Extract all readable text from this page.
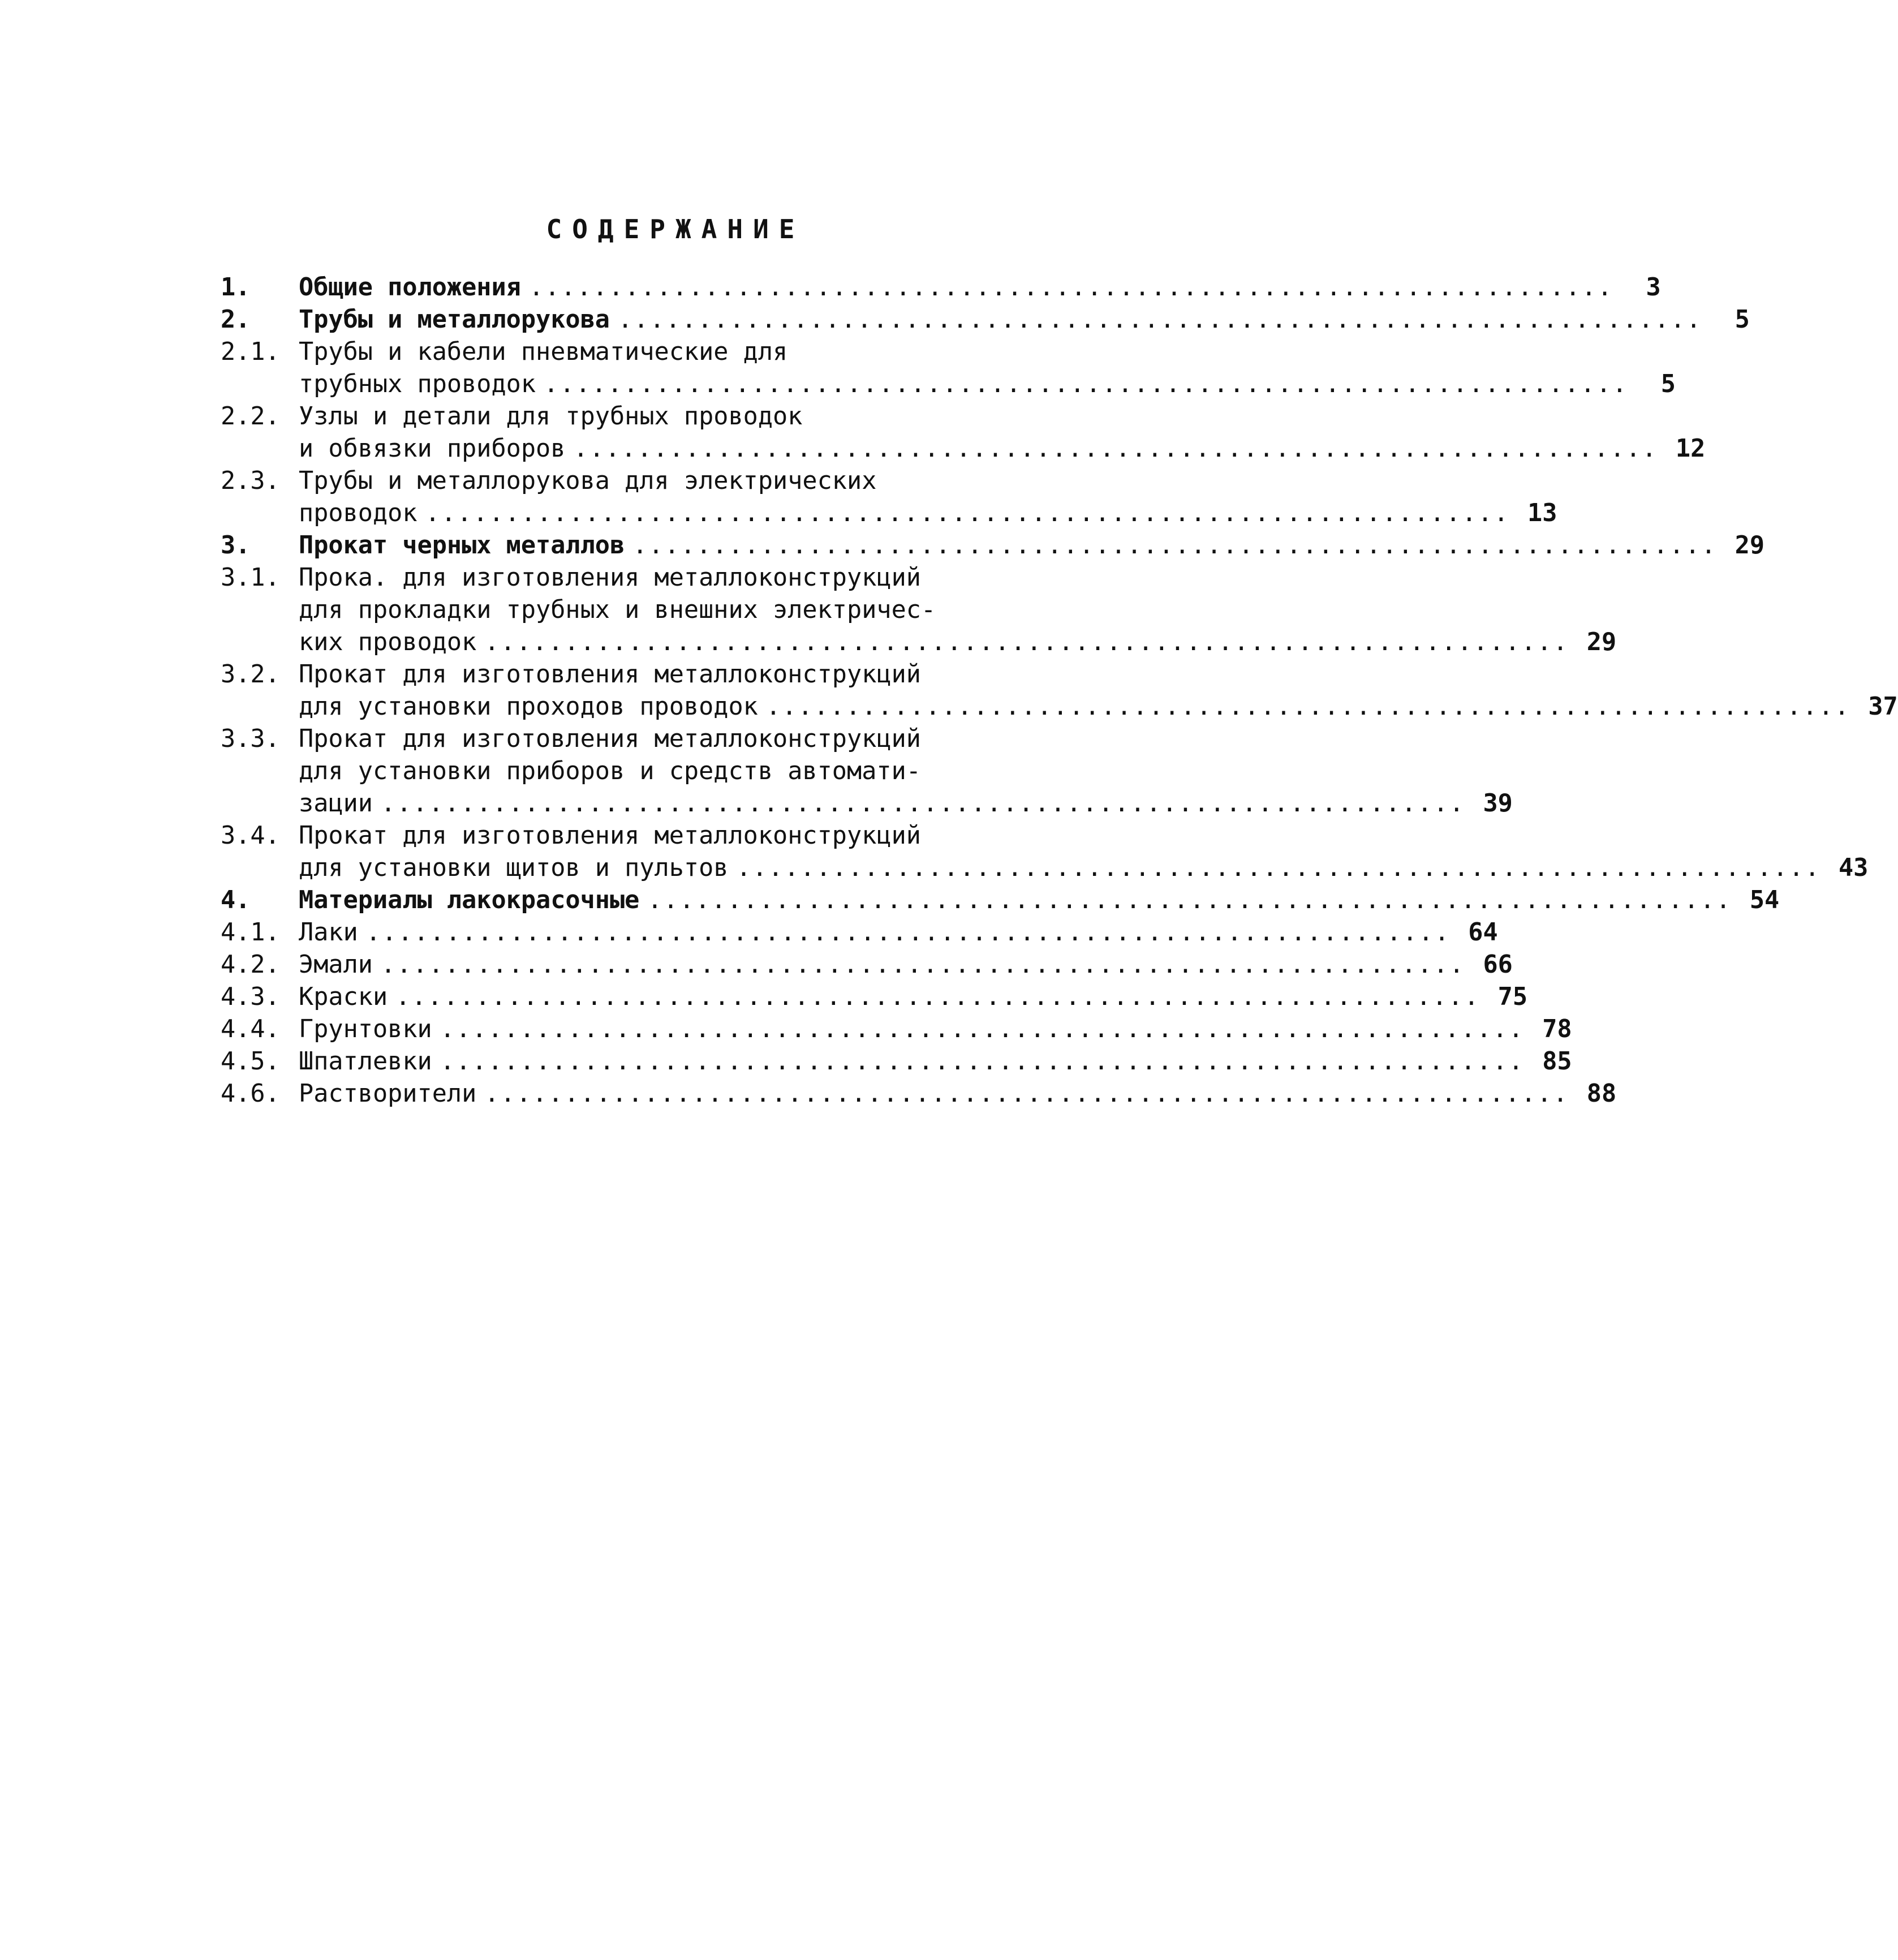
СОДЕРЖАНИЕ
1.	Общие положения ....................................................................	3
2.	Трубы и металлорукова ....................................................................	5
2.1. Трубы и кабели пневматические для
трубных проводок ....................................................................	5
2.2. Узлы и детали для трубных проводок
и обвязки приборов .................................................................... 12
2.3. Трубы и металлорукова для электрических
проводок .................................................................... 13
3.	Прокат черных металлов .................................................................... 29
3.1. Прока. для изготовления металлоконструкций
для прокладки трубных и внешних электричес-
ких проводок .................................................................... 29
3.2. Прокат для изготовления металлоконструкций
для установки проходов проводок .................................................................... 37
3.3. Прокат для изготовления металлоконструкций
для установки приборов и средств автомати-
зации .................................................................... 39
3.4. Прокат для изготовления металлоконструкций
для установки щитов и пультов .................................................................... 43
4.	Материалы лакокрасочные .................................................................... 54
4.1. Лаки .................................................................... 64
4.2. Эмали .................................................................... 66
4.3. Краски .................................................................... 75
4.4. Грунтовки .................................................................... 78
4.5. Шпатлевки .................................................................... 85
4.6. Растворители .................................................................... 88
